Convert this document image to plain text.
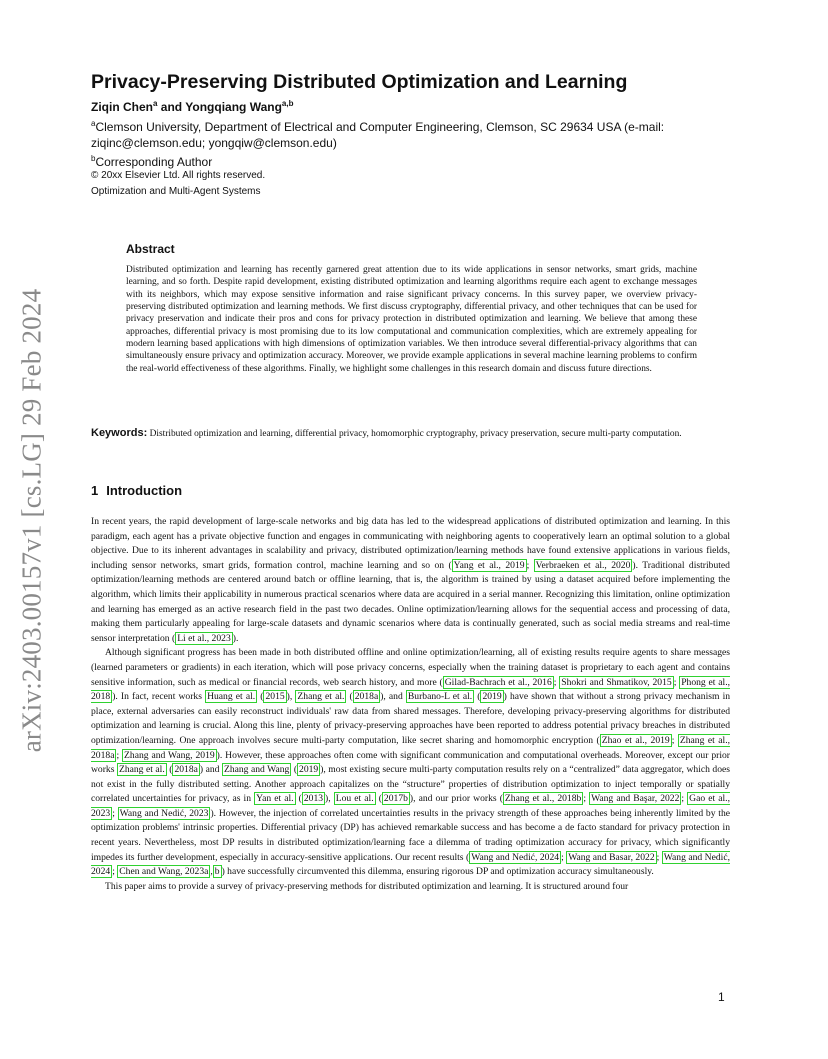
arXiv:2403.00157v1 [cs.LG] 29 Feb 2024
Privacy-Preserving Distributed Optimization and Learning
Ziqin Chen$^a$ and Yongqiang Wang$^{a,b}$
$^a$Clemson University, Department of Electrical and Computer Engineering, Clemson, SC 29634 USA (e-mail: ziqinc@clemson.edu; yongqiw@clemson.edu)
$^b$Corresponding Author
© 20xx Elsevier Ltd. All rights reserved.
Optimization and Multi-Agent Systems
Abstract
Distributed optimization and learning has recently garnered great attention due to its wide applications in sensor networks, smart grids, machine learning, and so forth. Despite rapid development, existing distributed optimization and learning algorithms require each agent to exchange messages with its neighbors, which may expose sensitive information and raise significant privacy concerns. In this survey paper, we overview privacy-preserving distributed optimization and learning methods. We first discuss cryptography, differential privacy, and other techniques that can be used for privacy preservation and indicate their pros and cons for privacy protection in distributed optimization and learning. We believe that among these approaches, differential privacy is most promising due to its low computational and communication complexities, which are extremely appealing for modern learning based applications with high dimensions of optimization variables. We then introduce several differential-privacy algorithms that can simultaneously ensure privacy and optimization accuracy. Moreover, we provide example applications in several machine learning problems to confirm the real-world effectiveness of these algorithms. Finally, we highlight some challenges in this research domain and discuss future directions.
Keywords: Distributed optimization and learning, differential privacy, homomorphic cryptography, privacy preservation, secure multi-party computation.
1 Introduction

In recent years, the rapid development of large-scale networks and big data has led to the widespread applications of distributed optimization and learning. In this paradigm, each agent has a private objective function and engages in communicating with neighboring agents to cooperatively learn an optimal solution to a global objective. Due to its inherent advantages in scalability and privacy, distributed optimization/learning methods have found extensive applications in various fields, including sensor networks, smart grids, formation control, machine learning and so on ( Yang et al., 2019 ; Verbraeken et al., 2020 ). Traditional distributed optimization/learning methods are centered around batch or offline learning, that is, the algorithm is trained by using a dataset acquired before implementing the algorithm, which limits their applicability in numerous practical scenarios where data are acquired in a serial manner. Recognizing this limitation, online optimization and learning has emerged as an active research field in the past two decades. Online optimization/learning allows for the sequential access and processing of data, making them particularly appealing for large-scale datasets and dynamic scenarios where data is continually generated, such as social media streams and real-time sensor interpretation ( Li et al., 2023 ).

Although significant progress has been made in both distributed offline and online optimization/learning, all of existing results require agents to share messages (learned parameters or gradients) in each iteration, which will pose privacy concerns, especially when the training dataset is proprietary to each agent and contains sensitive information, such as medical or financial records, web search history, and more ( Gilad-Bachrach et al., 2016 ; Shokri and Shmatikov, 2015 ; Phong et al., 2018 ). In fact, recent works Huang et al. ( 2015 ), Zhang et al. ( 2018a ), and Burbano-L et al. ( 2019 ) have shown that without a strong privacy mechanism in place, external adversaries can easily reconstruct individuals' raw data from shared messages. Therefore, developing privacy-preserving algorithms for distributed optimization and learning is crucial. Along this line, plenty of privacy-preserving approaches have been reported to address potential privacy breaches in distributed optimization/learning. One approach involves secure multi-party computation, like secret sharing and homomorphic encryption ( Zhao et al., 2019 ; Zhang et al., 2018a ; Zhang and Wang, 2019 ). However, these approaches often come with significant communication and computational overheads. Moreover, except our prior works Zhang et al. ( 2018a ) and Zhang and Wang ( 2019 ), most existing secure multi-party computation results rely on a “centralized” data aggregator, which does not exist in the fully distributed setting. Another approach capitalizes on the “structure” properties of distribution optimization to inject temporally or spatially correlated uncertainties for privacy, as in Yan et al. ( 2013 ), Lou et al. ( 2017b ), and our prior works ( Zhang et al., 2018b ; Wang and Başar, 2022 ; Gao et al., 2023 ; Wang and Nedić, 2023 ). However, the injection of correlated uncertainties results in the privacy strength of these approaches being inherently limited by the optimization problems' intrinsic properties. Differential privacy (DP) has achieved remarkable success and has become a de facto standard for privacy protection in recent years. Nevertheless, most DP results in distributed optimization/learning face a dilemma of trading optimization accuracy for privacy, which significantly impedes its further development, especially in accuracy-sensitive applications. Our recent results ( Wang and Nedić, 2024 ; Wang and Basar, 2022 ; Wang and Nedić, 2024 ; Chen and Wang, 2023a , b ) have successfully circumvented this dilemma, ensuring rigorous DP and optimization accuracy simultaneously.

This paper aims to provide a survey of privacy-preserving methods for distributed optimization and learning. It is structured around four

1
